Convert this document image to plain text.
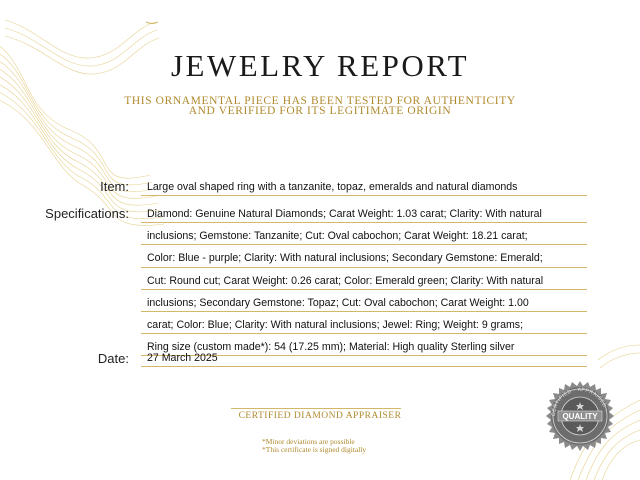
JEWELRY REPORT
THIS ORNAMENTAL PIECE HAS BEEN TESTED FOR AUTHENTICITY
AND VERIFIED FOR ITS LEGITIMATE ORIGIN
Item:	Large oval shaped ring with a tanzanite, topaz, emeralds and natural diamonds
Specifications:	Diamond: Genuine Natural Diamonds; Carat Weight: 1.03 carat; Clarity: With natural
inclusions; Gemstone: Tanzanite; Cut: Oval cabochon; Carat Weight: 18.21 carat;
Color: Blue - purple; Clarity: With natural inclusions; Secondary Gemstone: Emerald;
Cut: Round cut; Carat Weight: 0.26 carat; Color: Emerald green; Clarity: With natural
inclusions; Secondary Gemstone: Topaz; Cut: Oval cabochon; Carat Weight: 1.00
carat; Color: Blue; Clarity: With natural inclusions; Jewel: Ring; Weight: 9 grams;
Ring size (custom made*): 54 (17.25 mm); Material: High quality Sterling silver
Date:	27 March 2025
CERTIFIED DIAMOND APPRAISER
*Minor deviations are possible
*This certificate is signed digitally
CERTIFIED · APPRAISED ·
QUALITY
